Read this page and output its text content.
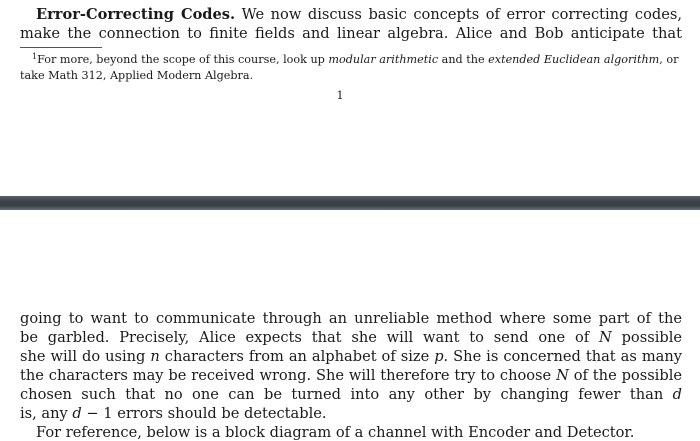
Error-Correcting Codes. We now discuss basic concepts of error correcting codes,
make the connection to finite fields and linear algebra. Alice and Bob anticipate that
$^1$For more, beyond the scope of this course, look up modular arithmetic and the extended Euclidean algorithm, or
take Math 312, Applied Modern Algebra.
1
going to want to communicate through an unreliable method where some part of the
be garbled. Precisely, Alice expects that she will want to send one of N possible
she will do using n characters from an alphabet of size p. She is concerned that as many
the characters may be received wrong. She will therefore try to choose N of the possible
chosen such that no one can be turned into any other by changing fewer than d
is, any d − 1 errors should be detectable.
For reference, below is a block diagram of a channel with Encoder and Detector.
